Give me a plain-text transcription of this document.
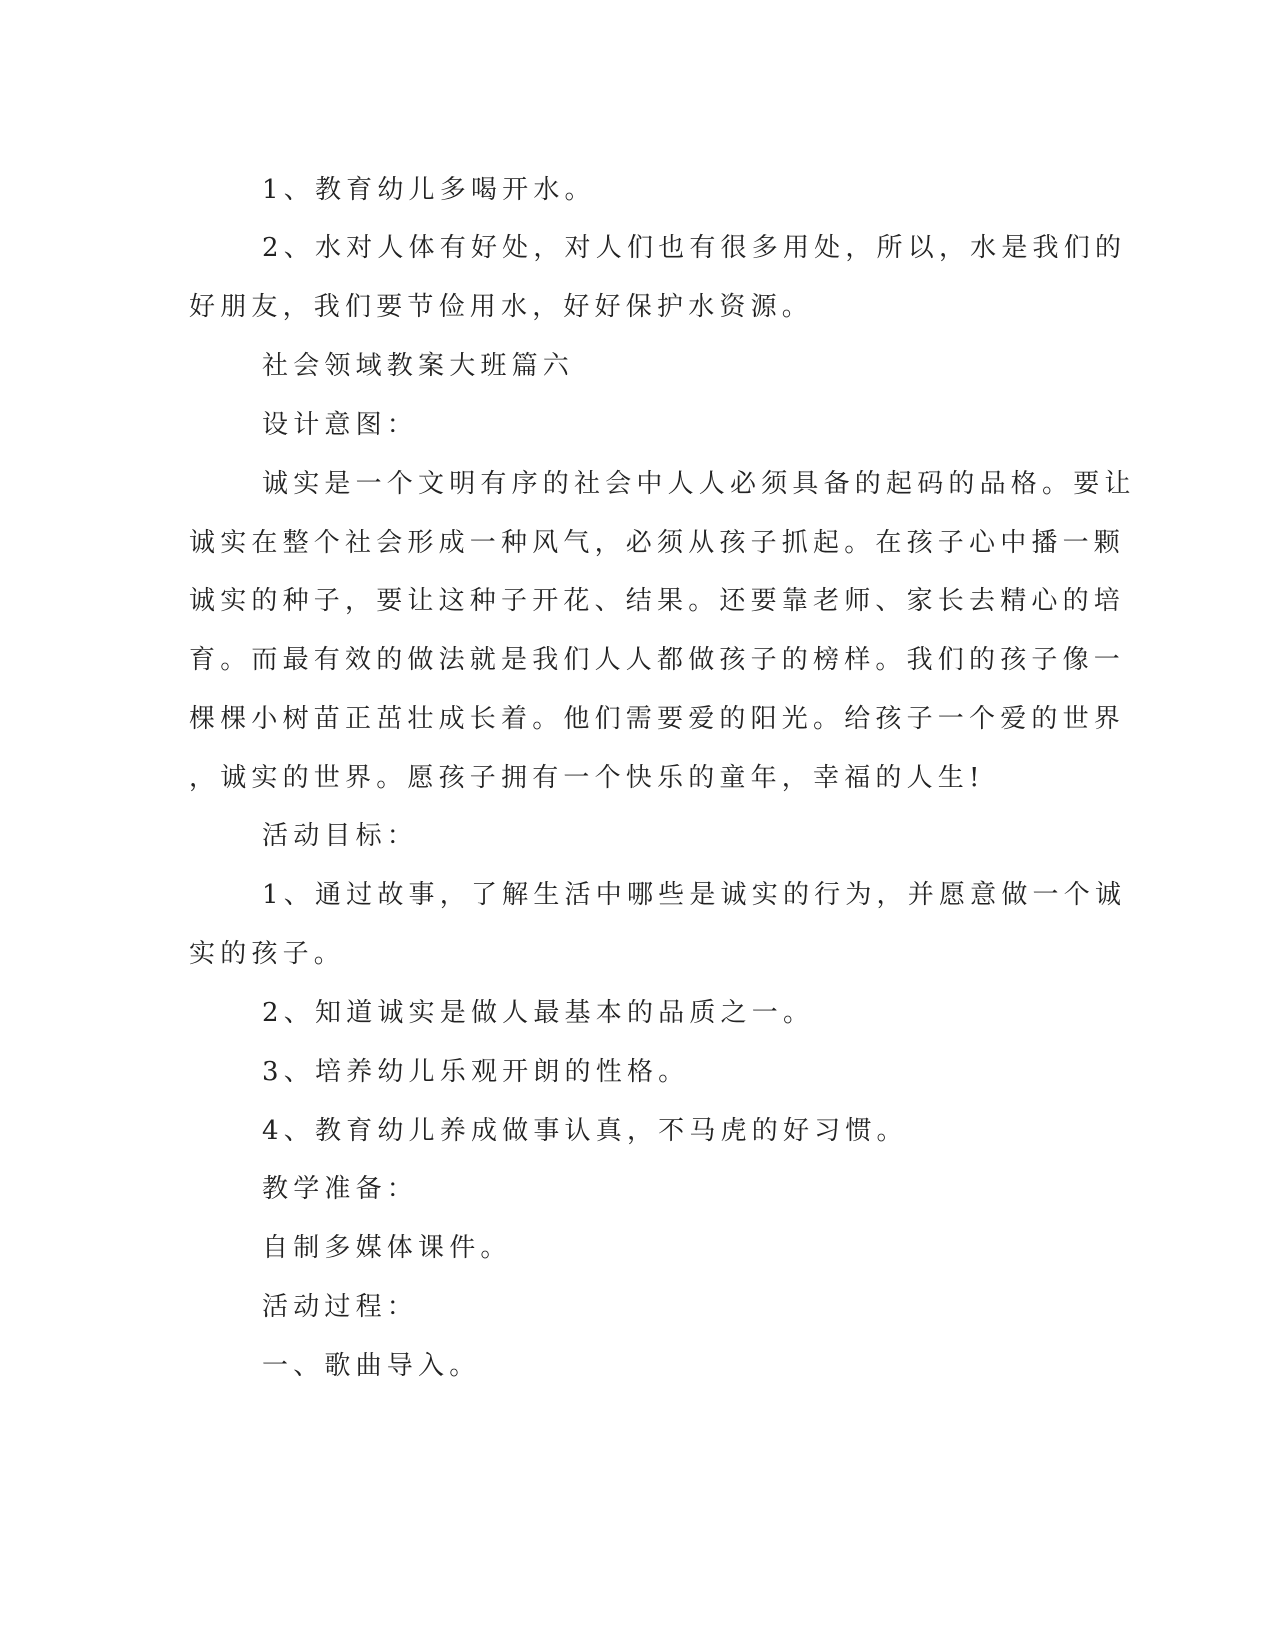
1、教育幼儿多喝开水。
2、水对人体有好处，对人们也有很多用处，所以，水是我们的
好朋友，我们要节俭用水，好好保护水资源。
社会领域教案大班篇六
设计意图：
诚实是一个文明有序的社会中人人必须具备的起码的品格。要让
诚实在整个社会形成一种风气，必须从孩子抓起。在孩子心中播一颗
诚实的种子，要让这种子开花、结果。还要靠老师、家长去精心的培
育。而最有效的做法就是我们人人都做孩子的榜样。我们的孩子像一
棵棵小树苗正茁壮成长着。他们需要爱的阳光。给孩子一个爱的世界
，诚实的世界。愿孩子拥有一个快乐的童年，幸福的人生!
活动目标：
1、通过故事，了解生活中哪些是诚实的行为，并愿意做一个诚
实的孩子。
2、知道诚实是做人最基本的品质之一。
3、培养幼儿乐观开朗的性格。
4、教育幼儿养成做事认真，不马虎的好习惯。
教学准备：
自制多媒体课件。
活动过程：
一、歌曲导入。
